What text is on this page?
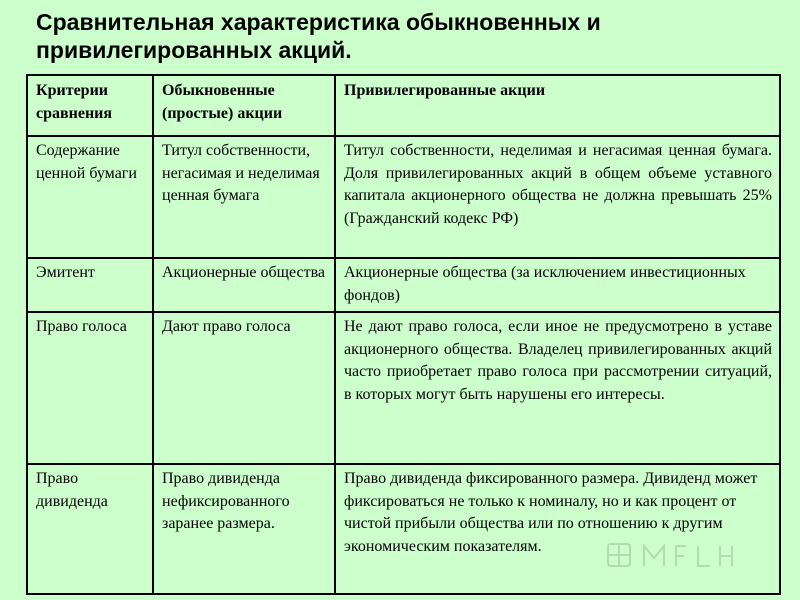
Сравнительная характеристика обыкновенных и привилегированных акций.
Критерии сравнения	Обыкновенные (простые) акции	Привилегированные акции

Содержание ценной бумаги	Титул собственности, негасимая и неделимая ценная бумага	Титул собственности, неделимая и негасимая ценная бумага. Доля привилегированных акций в общем объеме уставного капитала акционерного общества не должна превышать 25% (Гражданский кодекс РФ)
Эмитент	Акционерные общества	Акционерные общества (за исключением инвестиционных фондов)
Право голоса	Дают право голоса	Не дают право голоса, если иное не предусмотрено в уставе акционерного общества. Владелец привилегированных акций часто приобретает право голоса при рассмотрении ситуаций, в которых могут быть нарушены его интересы.
Право дивиденда	Право дивиденда нефиксированного заранее размера.	Право дивиденда фиксированного размера. Дивиденд может фиксироваться не только к номиналу, но и как процент от чистой прибыли общества или по отношению к другим экономическим показателям.
